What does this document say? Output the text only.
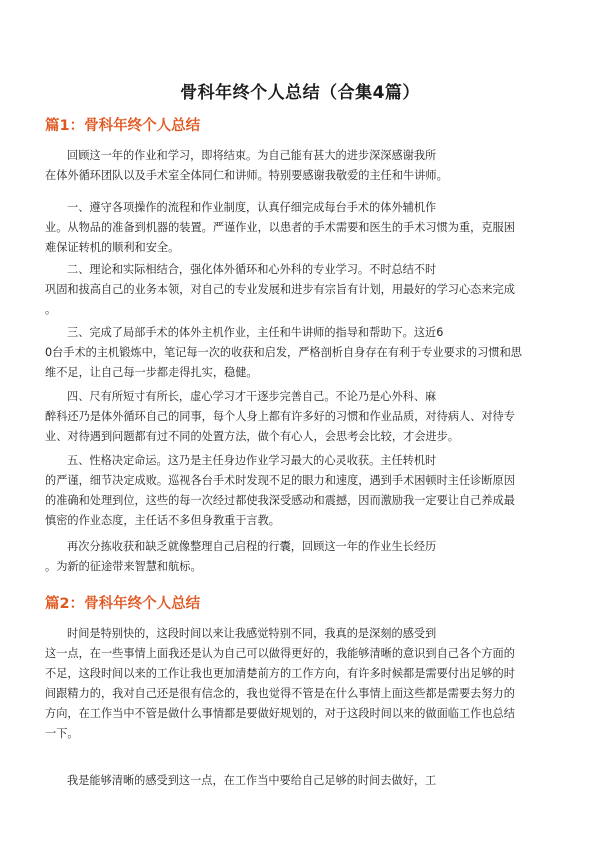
骨科年终个人总结（合集4篇）
篇1：骨科年终个人总结
回顾这一年的作业和学习，即将结束。为自己能有甚大的进步深深感谢我所
在体外循环团队以及手术室全体同仁和讲师。特别要感谢我敬爱的主任和牛讲师。
一、遵守各项操作的流程和作业制度，认真仔细完成每台手术的体外辅机作
业。从物品的准备到机器的装置。严谨作业，以患者的手术需要和医生的手术习惯为重，克服困
难保证转机的顺利和安全。
二、理论和实际相结合，强化体外循环和心外科的专业学习。不时总结不时
巩固和拔高自己的业务本领，对自己的专业发展和进步有宗旨有计划，用最好的学习心态来完成
。
三、完成了局部手术的体外主机作业，主任和牛讲师的指导和帮助下。这近6
0台手术的主机锻炼中，笔记每一次的收获和启发，严格剖析自身存在有利于专业要求的习惯和思
维不足，让自己每一步都走得扎实，稳健。
四、尺有所短寸有所长，虚心学习才干逐步完善自己。不论乃是心外科、麻
醉科还乃是体外循环自己的同事，每个人身上都有许多好的习惯和作业品质，对待病人、对待专
业、对待遇到问题都有过不同的处置方法，做个有心人，会思考会比较，才会进步。
五、性格决定命运。这乃是主任身边作业学习最大的心灵收获。主任转机时
的严谨，细节决定成败。巡视各台手术时发现不足的眼力和速度，遇到手术困顿时主任诊断原因
的准确和处理到位，这些的每一次经过都使我深受感动和震撼，因而激励我一定要让自己养成最
慎密的作业态度，主任话不多但身教重于言教。
再次分拣收获和缺乏就像整理自己启程的行囊，回顾这一年的作业生长经历
。为新的征途带来智慧和航标。
篇2：骨科年终个人总结
时间是特别快的，这段时间以来让我感觉特别不同，我真的是深刻的感受到
这一点，在一些事情上面我还是认为自己可以做得更好的，我能够清晰的意识到自己各个方面的
不足，这段时间以来的工作让我也更加清楚前方的工作方向，有许多时候都是需要付出足够的时
间跟精力的，我对自己还是很有信念的，我也觉得不管是在什么事情上面这些都是需要去努力的
方向，在工作当中不管是做什么事情都是要做好规划的，对于这段时间以来的做面临工作也总结
一下。
我是能够清晰的感受到这一点，在工作当中要给自己足够的时间去做好，工
